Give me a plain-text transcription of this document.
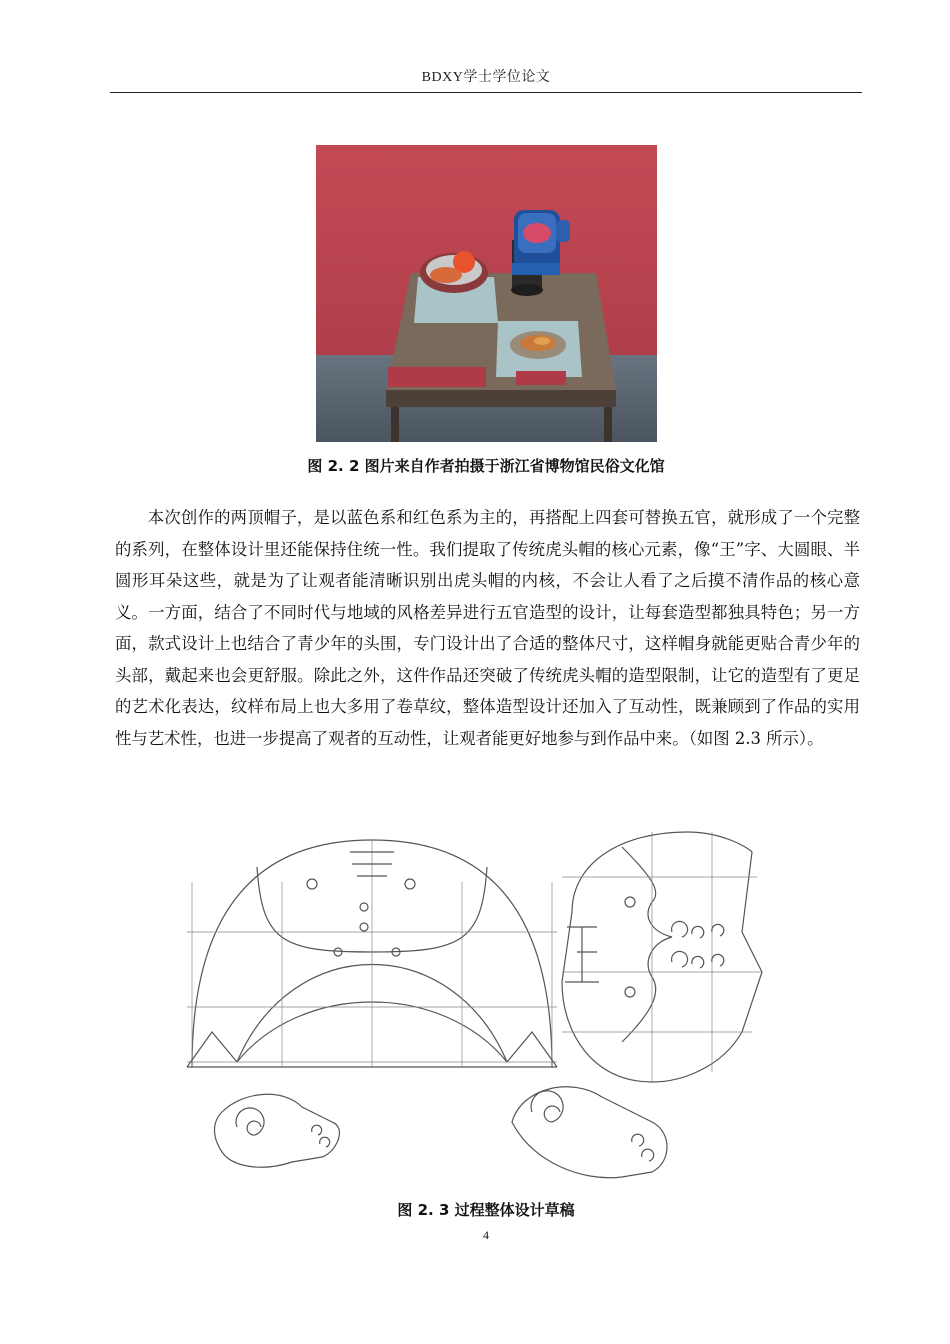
BDXY学士学位论文
图 2. 2 图片来自作者拍摄于浙江省博物馆民俗文化馆

本次创作的两顶帽子，是以蓝色系和红色系为主的，再搭配上四套可替换五官，就形成了一个完整的系列，在整体设计里还能保持住统一性。我们提取了传统虎头帽的核心元素，像“王”字、大圆眼、半圆形耳朵这些，就是为了让观者能清晰识别出虎头帽的内核，不会让人看了之后摸不清作品的核心意义。一方面，结合了不同时代与地域的风格差异进行五官造型的设计，让每套造型都独具特色；另一方面，款式设计上也结合了青少年的头围，专门设计出了合适的整体尺寸，这样帽身就能更贴合青少年的头部，戴起来也会更舒服。除此之外，这件作品还突破了传统虎头帽的造型限制，让它的造型有了更足的艺术化表达，纹样布局上也大多用了卷草纹，整体造型设计还加入了互动性，既兼顾到了作品的实用性与艺术性，也进一步提高了观者的互动性，让观者能更好地参与到作品中来。（如图 2.3 所示）。

图 2. 3 过程整体设计草稿
4
